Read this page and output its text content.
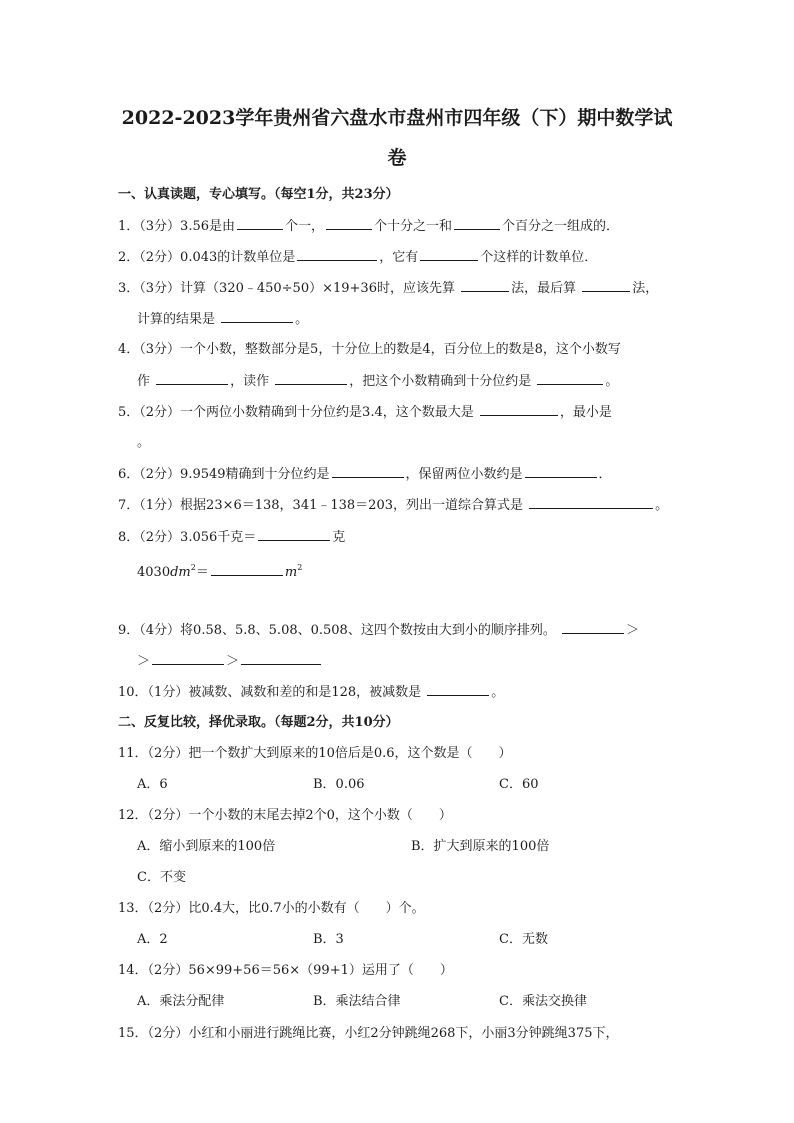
2022-2023学年贵州省六盘水市盘州市四年级（下）期中数学试
卷
一、认真读题，专心填写。（每空1分，共23分）
1．（3分）3.56是由	个一，	个十分之一和	个百分之一组成的．
2．（2分）0.043的计数单位是	，它有	个这样的计数单位．
3．（3分）计算（320﹣450÷50）×19+36时，应该先算	法，最后算	法，
计算的结果是	。
4．（3分）一个小数，整数部分是5，十分位上的数是4，百分位上的数是8，这个小数写
作	，读作	，把这个小数精确到十分位约是	。
5．（2分）一个两位小数精确到十分位约是3.4，这个数最大是	，最小是
。
6．（2分）9.9549精确到十分位约是	，保留两位小数约是	．
7．（1分）根据23×6＝138，341﹣138＝203，列出一道综合算式是	。
8．（2分）3.056千克＝	克
$4030dm^2=$	$m^2$
9．（4分）将0.58、5.8、5.08、0.508、这四个数按由大到小的顺序排列。	＞
＞	＞
10．（1分）被减数、减数和差的和是128，被减数是	。
二、反复比较，择优录取。（每题2分，共10分）
11．（2分）把一个数扩大到原来的10倍后是0.6，这个数是（　　）
A．6	B．0.06	C．60
12．（2分）一个小数的末尾去掉2个0，这个小数（　　）
A．缩小到原来的100倍	B．扩大到原来的100倍
C．不变
13．（2分）比0.4大，比0.7小的小数有（　　）个。
A．2	B．3	C．无数
14．（2分）56×99+56＝56×（99+1）运用了（　　）
A．乘法分配律	B．乘法结合律	C．乘法交换律
15．（2分）小红和小丽进行跳绳比赛，小红2分钟跳绳268下，小丽3分钟跳绳375下，
